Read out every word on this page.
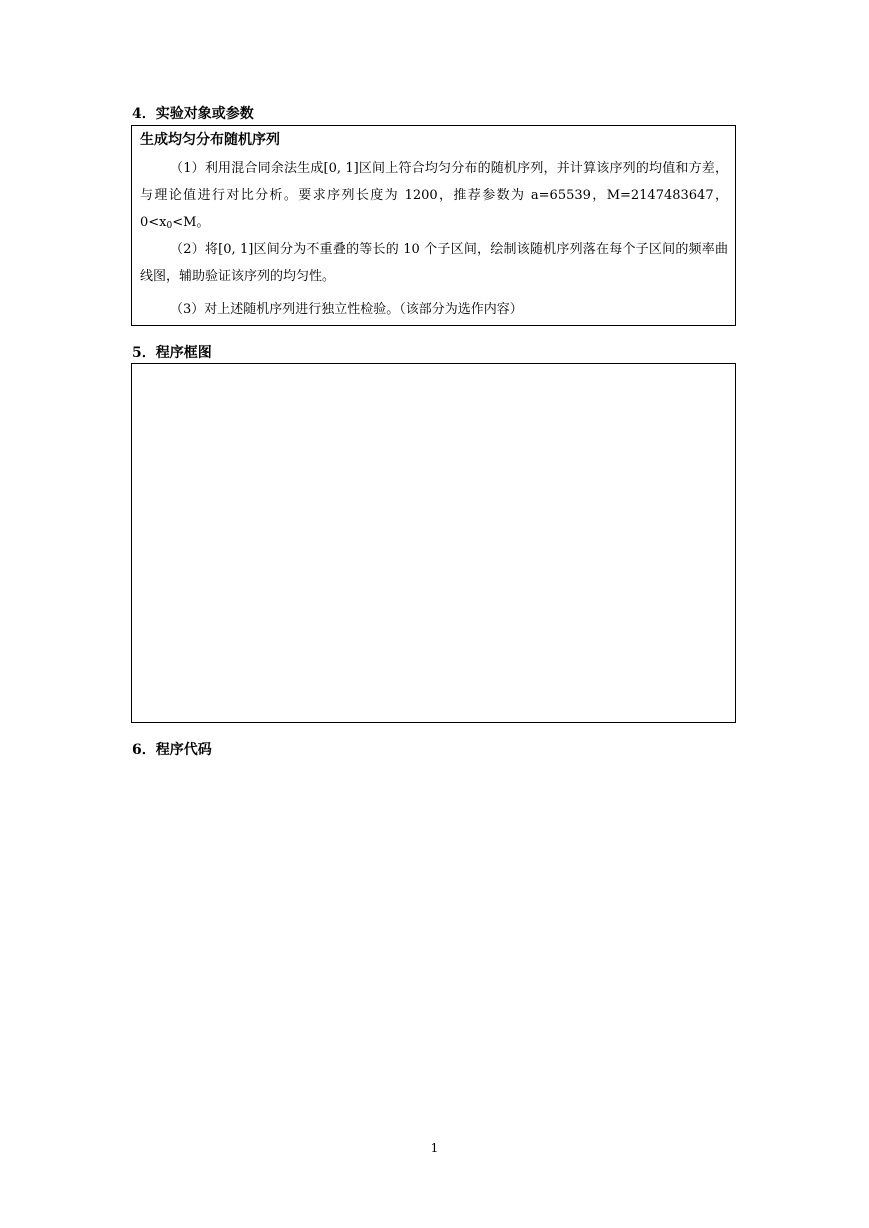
4．实验对象或参数
生成均匀分布随机序列
（1）利用混合同余法生成[0, 1]区间上符合均匀分布的随机序列，并计算该序列的均值和方差，与理论值进行对比分析。要求序列长度为 1200，推荐参数为 a=65539，M=2147483647，$0<x_0<M$。
（2）将[0, 1]区间分为不重叠的等长的 10 个子区间，绘制该随机序列落在每个子区间的频率曲线图，辅助验证该序列的均匀性。
（3）对上述随机序列进行独立性检验。（该部分为选作内容）
5．程序框图
6．程序代码
1
